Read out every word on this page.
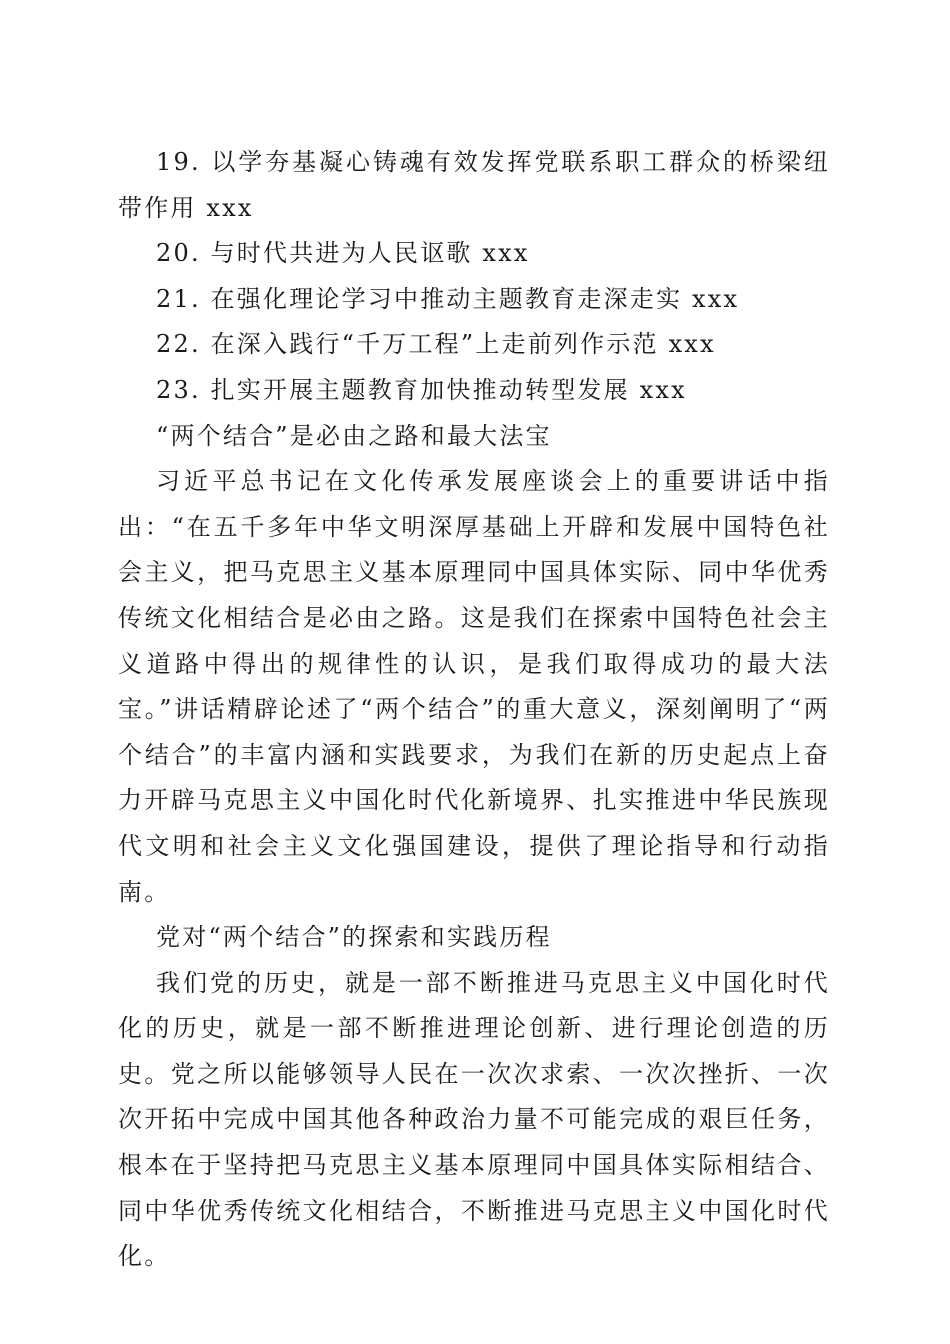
19. 以学夯基凝心铸魂有效发挥党联系职工群众的桥梁纽带作用 xxx

20. 与时代共进为人民讴歌 xxx

21. 在强化理论学习中推动主题教育走深走实 xxx

22. 在深入践行“千万工程”上走前列作示范 xxx

23. 扎实开展主题教育加快推动转型发展 xxx

“两个结合”是必由之路和最大法宝

习近平总书记在文化传承发展座谈会上的重要讲话中指出：“在五千多年中华文明深厚基础上开辟和发展中国特色社会主义，把马克思主义基本原理同中国具体实际、同中华优秀传统文化相结合是必由之路。这是我们在探索中国特色社会主义道路中得出的规律性的认识，是我们取得成功的最大法宝。”讲话精辟论述了“两个结合”的重大意义，深刻阐明了“两个结合”的丰富内涵和实践要求，为我们在新的历史起点上奋力开辟马克思主义中国化时代化新境界、扎实推进中华民族现代文明和社会主义文化强国建设，提供了理论指导和行动指南。

党对“两个结合”的探索和实践历程

我们党的历史，就是一部不断推进马克思主义中国化时代化的历史，就是一部不断推进理论创新、进行理论创造的历史。党之所以能够领导人民在一次次求索、一次次挫折、一次次开拓中完成中国其他各种政治力量不可能完成的艰巨任务，根本在于坚持把马克思主义基本原理同中国具体实际相结合、同中华优秀传统文化相结合，不断推进马克思主义中国化时代化。
